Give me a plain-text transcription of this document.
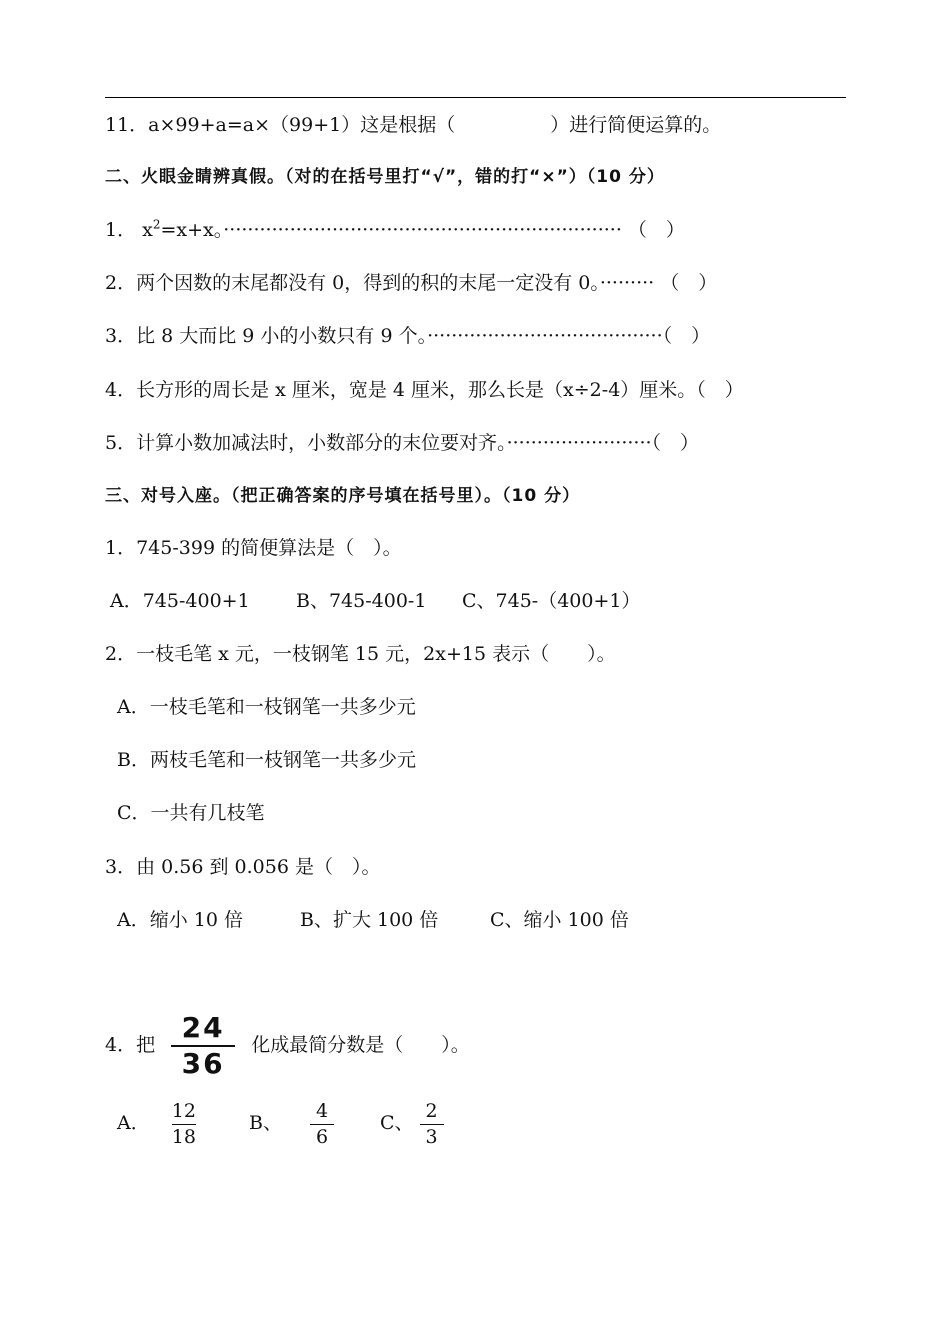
11．a×99+a=a×（99+1）这是根据（　　　　　）进行简便运算的。
二、火眼金睛辨真假。（对的在括号里打“√”，错的打“×”）（10 分）
1． $x^2=x+x$。·································································· （　）
2．两个因数的末尾都没有 0，得到的积的末尾一定没有 0。········· （　）
3．比 8 大而比 9 小的小数只有 9 个。·······································（　）
4．长方形的周长是 x 厘米，宽是 4 厘米，那么长是（x÷2-4）厘米。（　）
5．计算小数加减法时，小数部分的末位要对齐。························（　）
三、对号入座。（把正确答案的序号填在括号里）。（10 分）
1．745-399 的简便算法是（　）。
A．745-400+1 B、745-400-1 C、745-（400+1）
2．一枝毛笔 x 元，一枝钢笔 15 元，2x+15 表示（　　）。
A．一枝毛笔和一枝钢笔一共多少元
B．两枝毛笔和一枝钢笔一共多少元
C．一共有几枝笔
3．由 0.56 到 0.056 是（　）。
A．缩小 10 倍	B、扩大 100 倍	C、缩小 100 倍
4．把 $\frac{24}{36}$ 化成最简分数是（　　）。
A． $\frac{12}{18}$	B、 $\frac{4}{6}$ C、 $\frac{2}{3}$
